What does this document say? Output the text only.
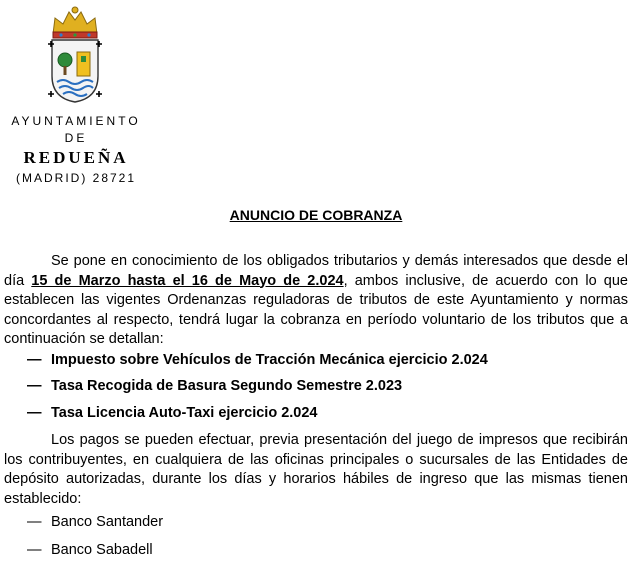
AYUNTAMIENTO
DE
REDUEÑA
(MADRID) 28721
ANUNCIO DE COBRANZA
Se pone en conocimiento de los obligados tributarios y demás interesados que desde el día 15 de Marzo hasta el 16 de Mayo de 2.024, ambos inclusive, de acuerdo con lo que establecen las vigentes Ordenanzas reguladoras de tributos de este Ayuntamiento y normas concordantes al respecto, tendrá lugar la cobranza en período voluntario de los tributos que a continuación se detallan:
— Impuesto sobre Vehículos de Tracción Mecánica ejercicio 2.024
— Tasa Recogida de Basura Segundo Semestre 2.023
— Tasa Licencia Auto-Taxi ejercicio 2.024
Los pagos se pueden efectuar, previa presentación del juego de impresos que recibirán los contribuyentes, en cualquiera de las oficinas principales o sucursales de las Entidades de depósito autorizadas, durante los días y horarios hábiles de ingreso que las mismas tienen establecido:
— Banco Santander
— Banco Sabadell
